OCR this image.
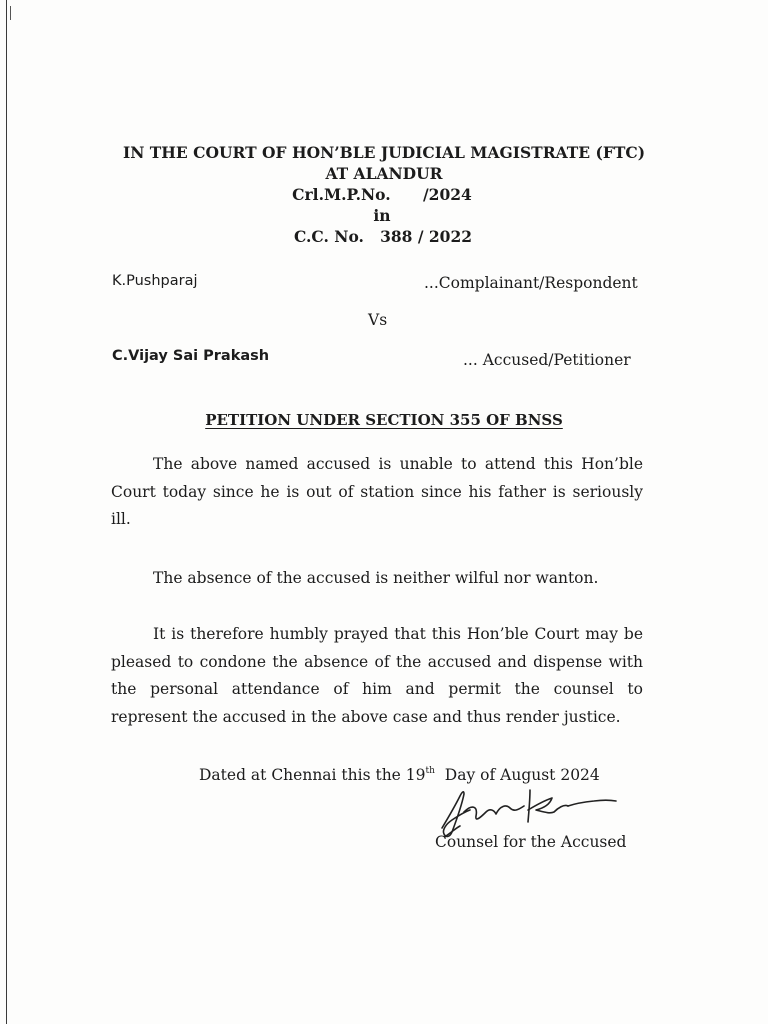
IN THE COURT OF HON’BLE JUDICIAL MAGISTRATE (FTC)
AT ALANDUR
Crl.M.P.No.      /2024
in
C.C. No.   388 / 2022
K.Pushparaj	...Complainant/Respondent
Vs
C.Vijay Sai Prakash	... Accused/Petitioner
PETITION UNDER SECTION 355 OF BNSS

The above named accused is unable to attend this Hon’ble Court today since he is out of station since his father is seriously ill.

The absence of the accused is neither wilful nor wanton.

It is therefore humbly prayed that this Hon’ble Court may be pleased to condone the absence of the accused and dispense with the personal attendance of him and permit the counsel to represent the accused in the above case and thus render justice.

Dated at Chennai this the 19th  Day of August 2024
Counsel for the Accused
